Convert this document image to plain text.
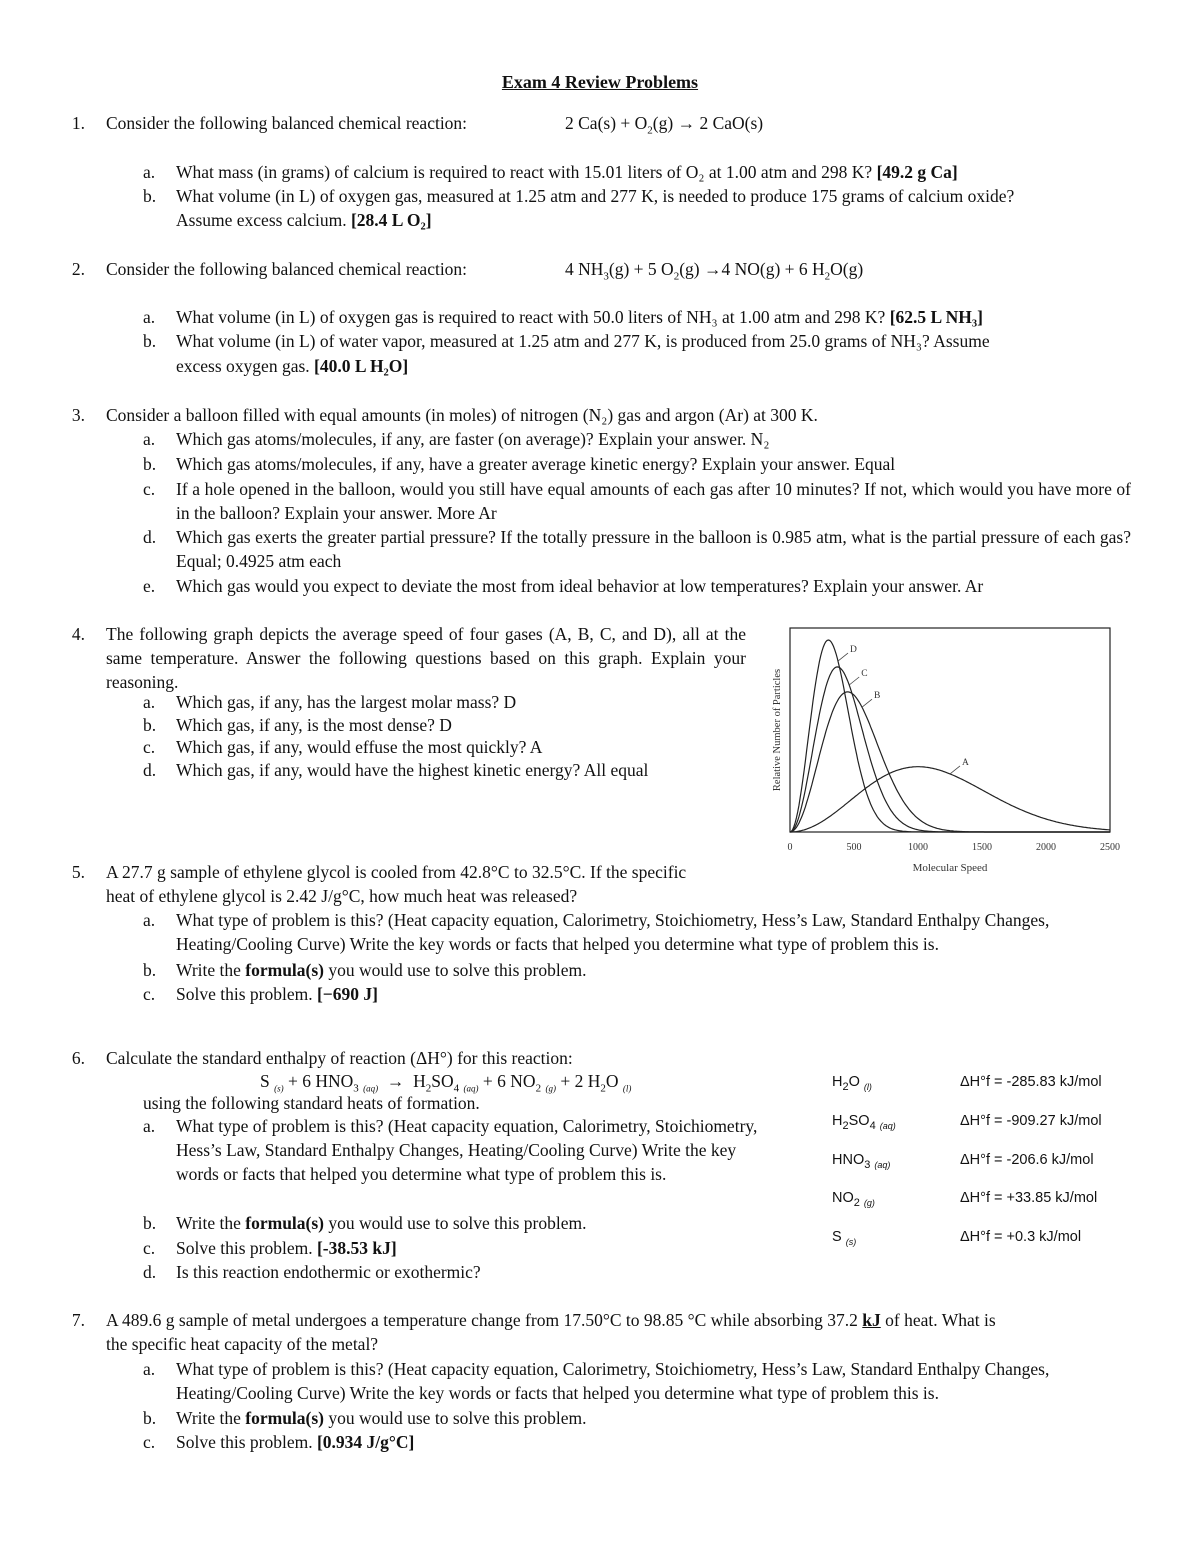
Exam 4 Review Problems
1. Consider the following balanced chemical reaction:	2 $Ca(s) + O_2(g) \to 2$ CaO(s)
a. What mass (in grams) of calcium is required to react with 15.01 liters of O₂ at 1.00 atm and 298 K? [49.2 g Ca]
b. What volume (in L) of oxygen gas, measured at 1.25 atm and 277 K, is needed to produce 175 grams of calcium oxide?
Assume excess calcium. [28.4 L O₂]
2. Consider the following balanced chemical reaction:	4 $NH_3(g) + 5$ $O_2(g) \to 4$ NO(g) + 6 $H_2O(g)$
a. What volume (in L) of oxygen gas is required to react with 50.0 liters of NH₃ at 1.00 atm and 298 K? [62.5 L NH₃]
b. What volume (in L) of water vapor, measured at 1.25 atm and 277 K, is produced from 25.0 grams of NH₃? Assume
excess oxygen gas. [40.0 L H₂O]
3. Consider a balloon filled with equal amounts (in moles) of nitrogen (N₂) gas and argon (Ar) at 300 K.
a. Which gas atoms/molecules, if any, are faster (on average)? Explain your answer. N₂
b. Which gas atoms/molecules, if any, have a greater average kinetic energy? Explain your answer. Equal
c. If a hole opened in the balloon, would you still have equal amounts of each gas after 10 minutes? If not, which would you have more of in the balloon? Explain your answer. More Ar
d. Which gas exerts the greater partial pressure? If the totally pressure in the balloon is 0.985 atm, what is the partial pressure of each gas? Equal; 0.4925 atm each
e. Which gas would you expect to deviate the most from ideal behavior at low temperatures? Explain your answer. Ar
4. The following graph depicts the average speed of four gases (A, B, C, and D), all at the same temperature. Answer the following questions based on this graph. Explain your reasoning.
a. Which gas, if any, has the largest molar mass? D
b. Which gas, if any, is the most dense? D
c. Which gas, if any, would effuse the most quickly? A
d. Which gas, if any, would have the highest kinetic energy? All equal
D
C
B
A
0	500	1000	1500	2000	2500
Relative Number of Particles
Molecular Speed
5. A 27.7 g sample of ethylene glycol is cooled from 42.8°C to 32.5°C. If the specific heat of ethylene glycol is 2.42 J/g°C, how much heat was released?
a. What type of problem is this? (Heat capacity equation, Calorimetry, Stoichiometry, Hess’s Law, Standard Enthalpy Changes, Heating/Cooling Curve) Write the key words or facts that helped you determine what type of problem this is.
b. Write the formula(s) you would use to solve this problem.
c. Solve this problem. [−690 J]
6. Calculate the standard enthalpy of reaction (ΔH°) for this reaction:
S $_{(s)}$ + 6 $HNO_3$ $_{(aq)} \to H_2SO_4$ $_{(aq)}$ + 6 $NO_2$ $_{(g)}$ + 2 $H_2O$ $_{(l)}$
using the following standard heats of formation.
a. What type of problem is this? (Heat capacity equation, Calorimetry, Stoichiometry, Hess’s Law, Standard Enthalpy Changes, Heating/Cooling Curve) Write the key words or facts that helped you determine what type of problem this is.
b. Write the formula(s) you would use to solve this problem.
c. Solve this problem. [-38.53 kJ]
d. Is this reaction endothermic or exothermic?
$H_2O$ $_{(l)}$	ΔH°f = -285.83 kJ/mol
$H_2SO_4$ $_{(aq)}$	ΔH°f = -909.27 kJ/mol
$HNO_3$ $_{(aq)}$	ΔH°f = -206.6 kJ/mol
$NO_2$ $_{(g)}$	ΔH°f = +33.85 kJ/mol
S $_{(s)}$	ΔH°f = +0.3 kJ/mol
7. A 489.6 g sample of metal undergoes a temperature change from 17.50°C to 98.85 °C while absorbing 37.2 kJ of heat. What is
the specific heat capacity of the metal?
a. What type of problem is this? (Heat capacity equation, Calorimetry, Stoichiometry, Hess’s Law, Standard Enthalpy Changes, Heating/Cooling Curve) Write the key words or facts that helped you determine what type of problem this is.
b. Write the formula(s) you would use to solve this problem.
c. Solve this problem. [0.934 J/g°C]
